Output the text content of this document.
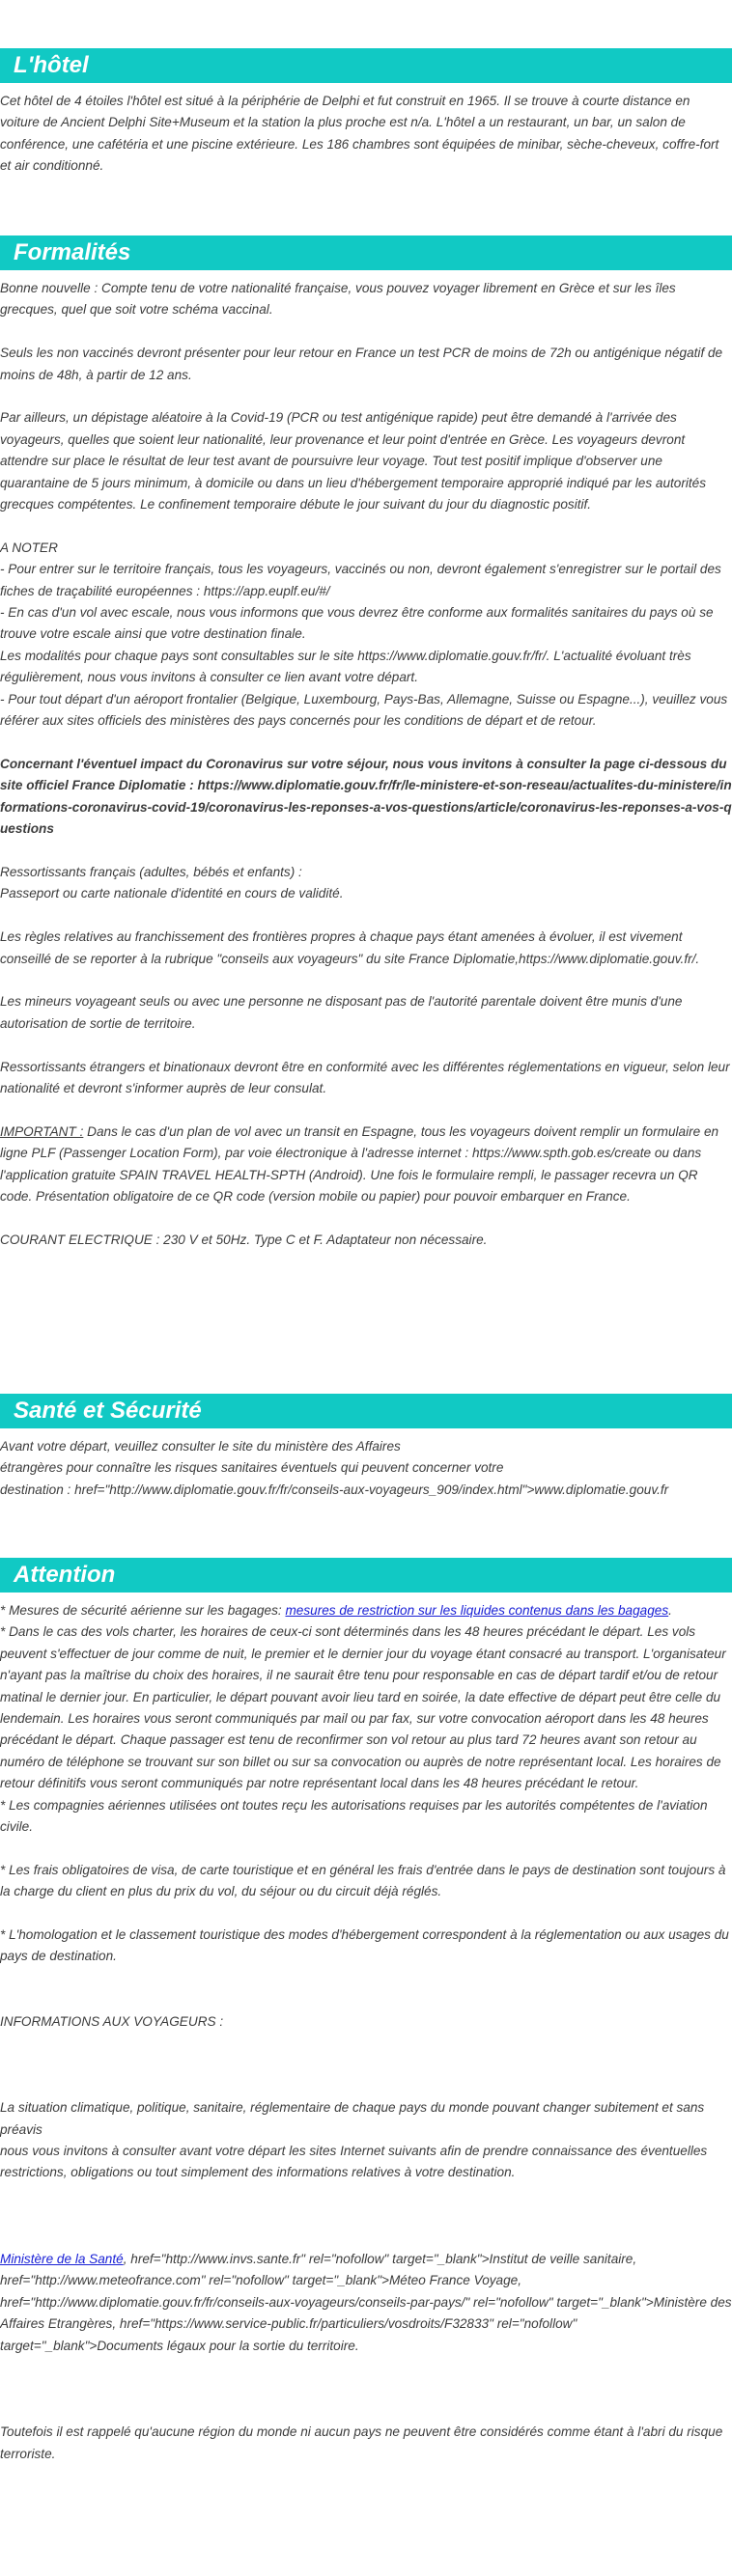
L'hôtel
Cet hôtel de 4 étoiles l'hôtel est situé à la périphérie de Delphi et fut construit en 1965. Il se trouve à courte distance en voiture de Ancient Delphi Site+Museum et la station la plus proche est n/a. L'hôtel a un restaurant, un bar, un salon de conférence, une cafétéria et une piscine extérieure. Les 186 chambres sont équipées de minibar, sèche-cheveux, coffre-fort et air conditionné.
Formalités
Bonne nouvelle : Compte tenu de votre nationalité française, vous pouvez voyager librement en Grèce et sur les îles grecques, quel que soit votre schéma vaccinal.
Seuls les non vaccinés devront présenter pour leur retour en France un test PCR de moins de 72h ou antigénique négatif de moins de 48h, à partir de 12 ans.
Par ailleurs, un dépistage aléatoire à la Covid-19 (PCR ou test antigénique rapide) peut être demandé à l'arrivée des voyageurs, quelles que soient leur nationalité, leur provenance et leur point d'entrée en Grèce. Les voyageurs devront attendre sur place le résultat de leur test avant de poursuivre leur voyage. Tout test positif implique d'observer une quarantaine de 5 jours minimum, à domicile ou dans un lieu d'hébergement temporaire approprié indiqué par les autorités grecques compétentes. Le confinement temporaire débute le jour suivant du jour du diagnostic positif.
A NOTER
- Pour entrer sur le territoire français, tous les voyageurs, vaccinés ou non, devront également s'enregistrer sur le portail des fiches de traçabilité européennes : https://app.euplf.eu/#/
- En cas d'un vol avec escale, nous vous informons que vous devrez être conforme aux formalités sanitaires du pays où se trouve votre escale ainsi que votre destination finale.
Les modalités pour chaque pays sont consultables sur le site https://www.diplomatie.gouv.fr/fr/. L'actualité évoluant très régulièrement, nous vous invitons à consulter ce lien avant votre départ.
- Pour tout départ d'un aéroport frontalier (Belgique, Luxembourg, Pays-Bas, Allemagne, Suisse ou Espagne...), veuillez vous référer aux sites officiels des ministères des pays concernés pour les conditions de départ et de retour.
Concernant l'éventuel impact du Coronavirus sur votre séjour, nous vous invitons à consulter la page ci-dessous du site officiel France Diplomatie : https://www.diplomatie.gouv.fr/fr/le-ministere-et-son-reseau/actualites-du-ministere/informations-coronavirus-covid-19/coronavirus-les-reponses-a-vos-questions/article/coronavirus-les-reponses-a-vos-questions
Ressortissants français (adultes, bébés et enfants) :
Passeport ou carte nationale d'identité en cours de validité.
Les règles relatives au franchissement des frontières propres à chaque pays étant amenées à évoluer, il est vivement conseillé de se reporter à la rubrique "conseils aux voyageurs" du site France Diplomatie,https://www.diplomatie.gouv.fr/.
Les mineurs voyageant seuls ou avec une personne ne disposant pas de l'autorité parentale doivent être munis d'une autorisation de sortie de territoire.
Ressortissants étrangers et binationaux devront être en conformité avec les différentes réglementations en vigueur, selon leur nationalité et devront s'informer auprès de leur consulat.
IMPORTANT : Dans le cas d'un plan de vol avec un transit en Espagne, tous les voyageurs doivent remplir un formulaire en ligne PLF (Passenger Location Form), par voie électronique à l'adresse internet : https://www.spth.gob.es/create ou dans l'application gratuite SPAIN TRAVEL HEALTH-SPTH (Android). Une fois le formulaire rempli, le passager recevra un QR code. Présentation obligatoire de ce QR code (version mobile ou papier) pour pouvoir embarquer en France.
COURANT ELECTRIQUE : 230 V et 50Hz. Type C et F. Adaptateur non nécessaire.
Santé et Sécurité
Avant votre départ, veuillez consulter le site du ministère des Affaires
étrangères pour connaître les risques sanitaires éventuels qui peuvent concerner votre
destination : href="http://www.diplomatie.gouv.fr/fr/conseils-aux-voyageurs_909/index.html">www.diplomatie.gouv.fr
Attention
* Mesures de sécurité aérienne sur les bagages: mesures de restriction sur les liquides contenus dans les bagages.
* Dans le cas des vols charter, les horaires de ceux-ci sont déterminés dans les 48 heures précédant le départ. Les vols peuvent s'effectuer de jour comme de nuit, le premier et le dernier jour du voyage étant consacré au transport. L'organisateur n'ayant pas la maîtrise du choix des horaires, il ne saurait être tenu pour responsable en cas de départ tardif et/ou de retour matinal le dernier jour. En particulier, le départ pouvant avoir lieu tard en soirée, la date effective de départ peut être celle du lendemain. Les horaires vous seront communiqués par mail ou par fax, sur votre convocation aéroport dans les 48 heures précédant le départ. Chaque passager est tenu de reconfirmer son vol retour au plus tard 72 heures avant son retour au numéro de téléphone se trouvant sur son billet ou sur sa convocation ou auprès de notre représentant local. Les horaires de retour définitifs vous seront communiqués par notre représentant local dans les 48 heures précédant le retour.
* Les compagnies aériennes utilisées ont toutes reçu les autorisations requises par les autorités compétentes de l'aviation civile.
* Les frais obligatoires de visa, de carte touristique et en général les frais d'entrée dans le pays de destination sont toujours à la charge du client en plus du prix du vol, du séjour ou du circuit déjà réglés.
* L'homologation et le classement touristique des modes d'hébergement correspondent à la réglementation ou aux usages du pays de destination.
INFORMATIONS AUX VOYAGEURS :
La situation climatique, politique, sanitaire, réglementaire de chaque pays du monde pouvant changer subitement et sans préavis
nous vous invitons à consulter avant votre départ les sites Internet suivants afin de prendre connaissance des éventuelles restrictions, obligations ou tout simplement des informations relatives à votre destination.
Ministère de la Santé, href="http://www.invs.sante.fr" rel="nofollow" target="_blank">Institut de veille sanitaire, href="http://www.meteofrance.com" rel="nofollow" target="_blank">Méteo France Voyage, href="http://www.diplomatie.gouv.fr/fr/conseils-aux-voyageurs/conseils-par-pays/" rel="nofollow" target="_blank">Ministère des Affaires Etrangères, href="https://www.service-public.fr/particuliers/vosdroits/F32833" rel="nofollow" target="_blank">Documents légaux pour la sortie du territoire.
Toutefois il est rappelé qu'aucune région du monde ni aucun pays ne peuvent être considérés comme étant à l'abri du risque terroriste.
